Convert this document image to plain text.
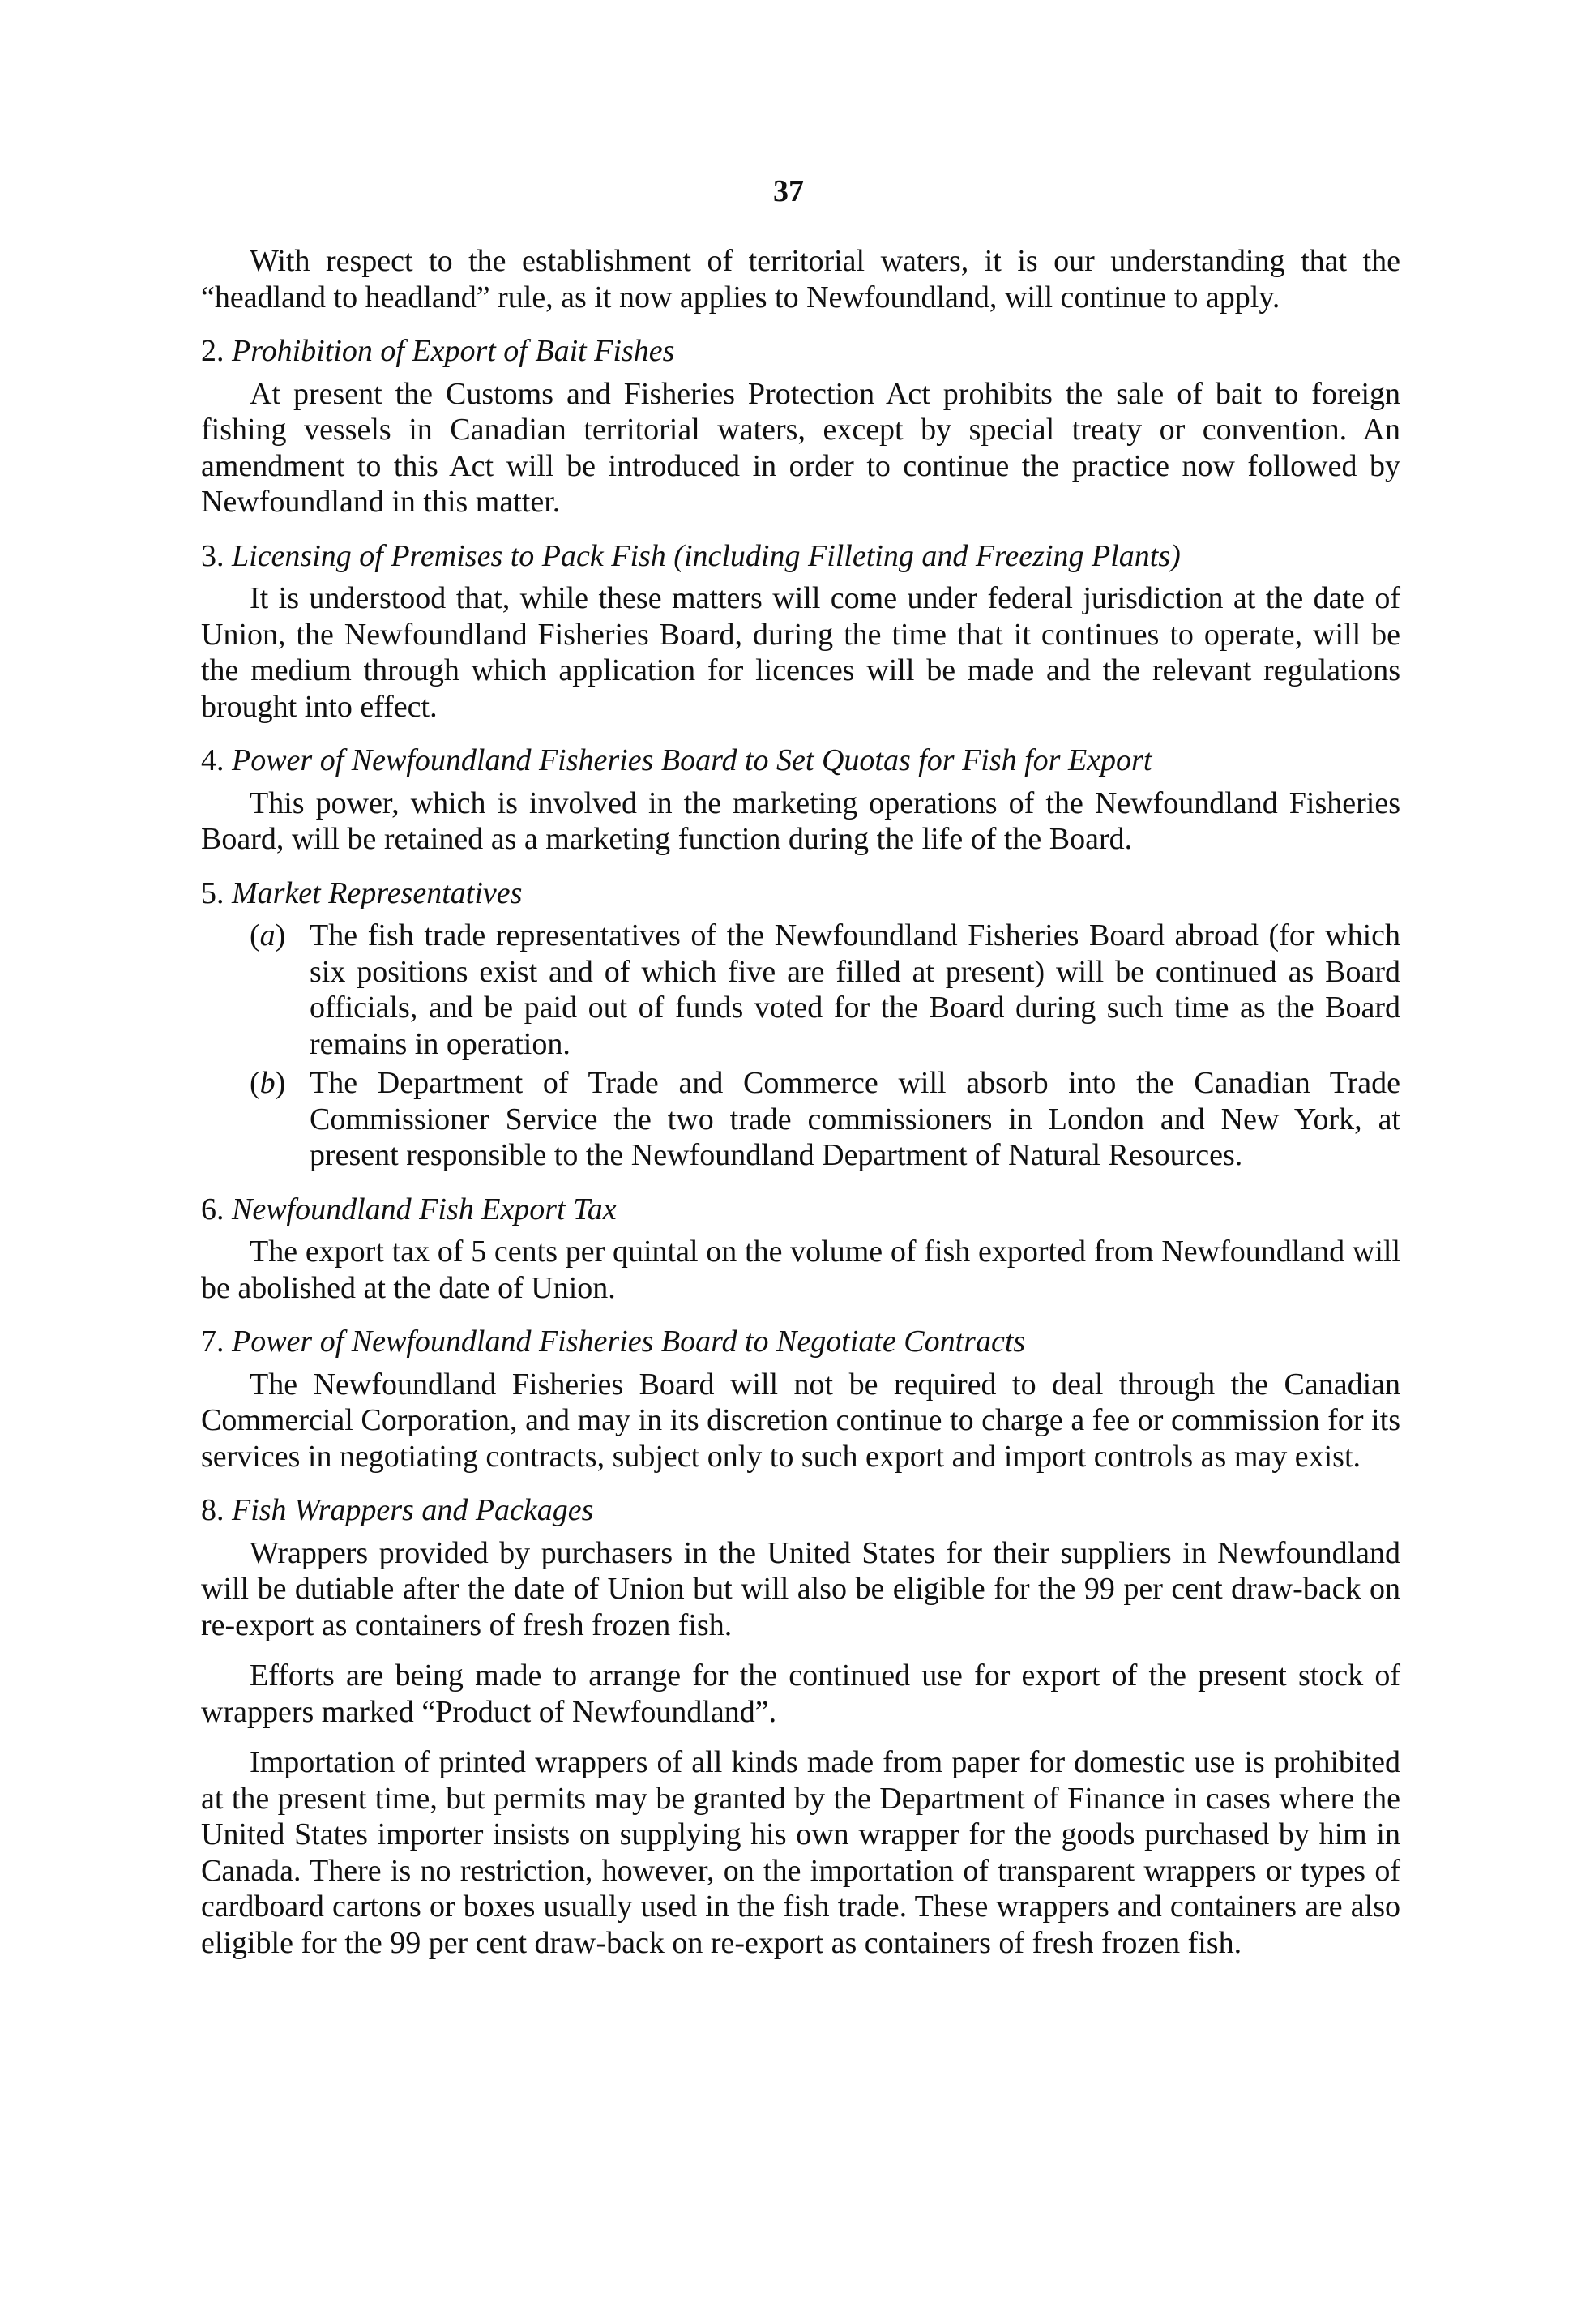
37

With respect to the establishment of territorial waters, it is our understanding that the “headland to headland” rule, as it now applies to Newfoundland, will continue to apply.

2. Prohibition of Export of Bait Fishes

At present the Customs and Fisheries Protection Act prohibits the sale of bait to foreign fishing vessels in Canadian territorial waters, except by special treaty or convention. An amendment to this Act will be introduced in order to continue the practice now followed by Newfoundland in this matter.

3. Licensing of Premises to Pack Fish (including Filleting and Freezing Plants)

It is understood that, while these matters will come under federal jurisdiction at the date of Union, the Newfoundland Fisheries Board, during the time that it continues to operate, will be the medium through which application for licences will be made and the relevant regulations brought into effect.

4. Power of Newfoundland Fisheries Board to Set Quotas for Fish for Export

This power, which is involved in the marketing operations of the Newfoundland Fisheries Board, will be retained as a marketing function during the life of the Board.

5. Market Representatives

(a) The fish trade representatives of the Newfoundland Fisheries Board abroad (for which six positions exist and of which five are filled at present) will be continued as Board officials, and be paid out of funds voted for the Board during such time as the Board remains in operation.
(b) The Department of Trade and Commerce will absorb into the Canadian Trade Commissioner Service the two trade commissioners in London and New York, at present responsible to the Newfoundland Department of Natural Resources.

6. Newfoundland Fish Export Tax

The export tax of 5 cents per quintal on the volume of fish exported from Newfoundland will be abolished at the date of Union.

7. Power of Newfoundland Fisheries Board to Negotiate Contracts

The Newfoundland Fisheries Board will not be required to deal through the Canadian Commercial Corporation, and may in its discretion continue to charge a fee or commission for its services in negotiating contracts, subject only to such export and import controls as may exist.

8. Fish Wrappers and Packages

Wrappers provided by purchasers in the United States for their suppliers in Newfoundland will be dutiable after the date of Union but will also be eligible for the 99 per cent draw-back on re-export as containers of fresh frozen fish.

Efforts are being made to arrange for the continued use for export of the present stock of wrappers marked “Product of Newfoundland”.

Importation of printed wrappers of all kinds made from paper for domestic use is prohibited at the present time, but permits may be granted by the Department of Finance in cases where the United States importer insists on supplying his own wrapper for the goods purchased by him in Canada. There is no restriction, however, on the importation of transparent wrappers or types of cardboard cartons or boxes usually used in the fish trade. These wrappers and containers are also eligible for the 99 per cent draw-back on re-export as containers of fresh frozen fish.
